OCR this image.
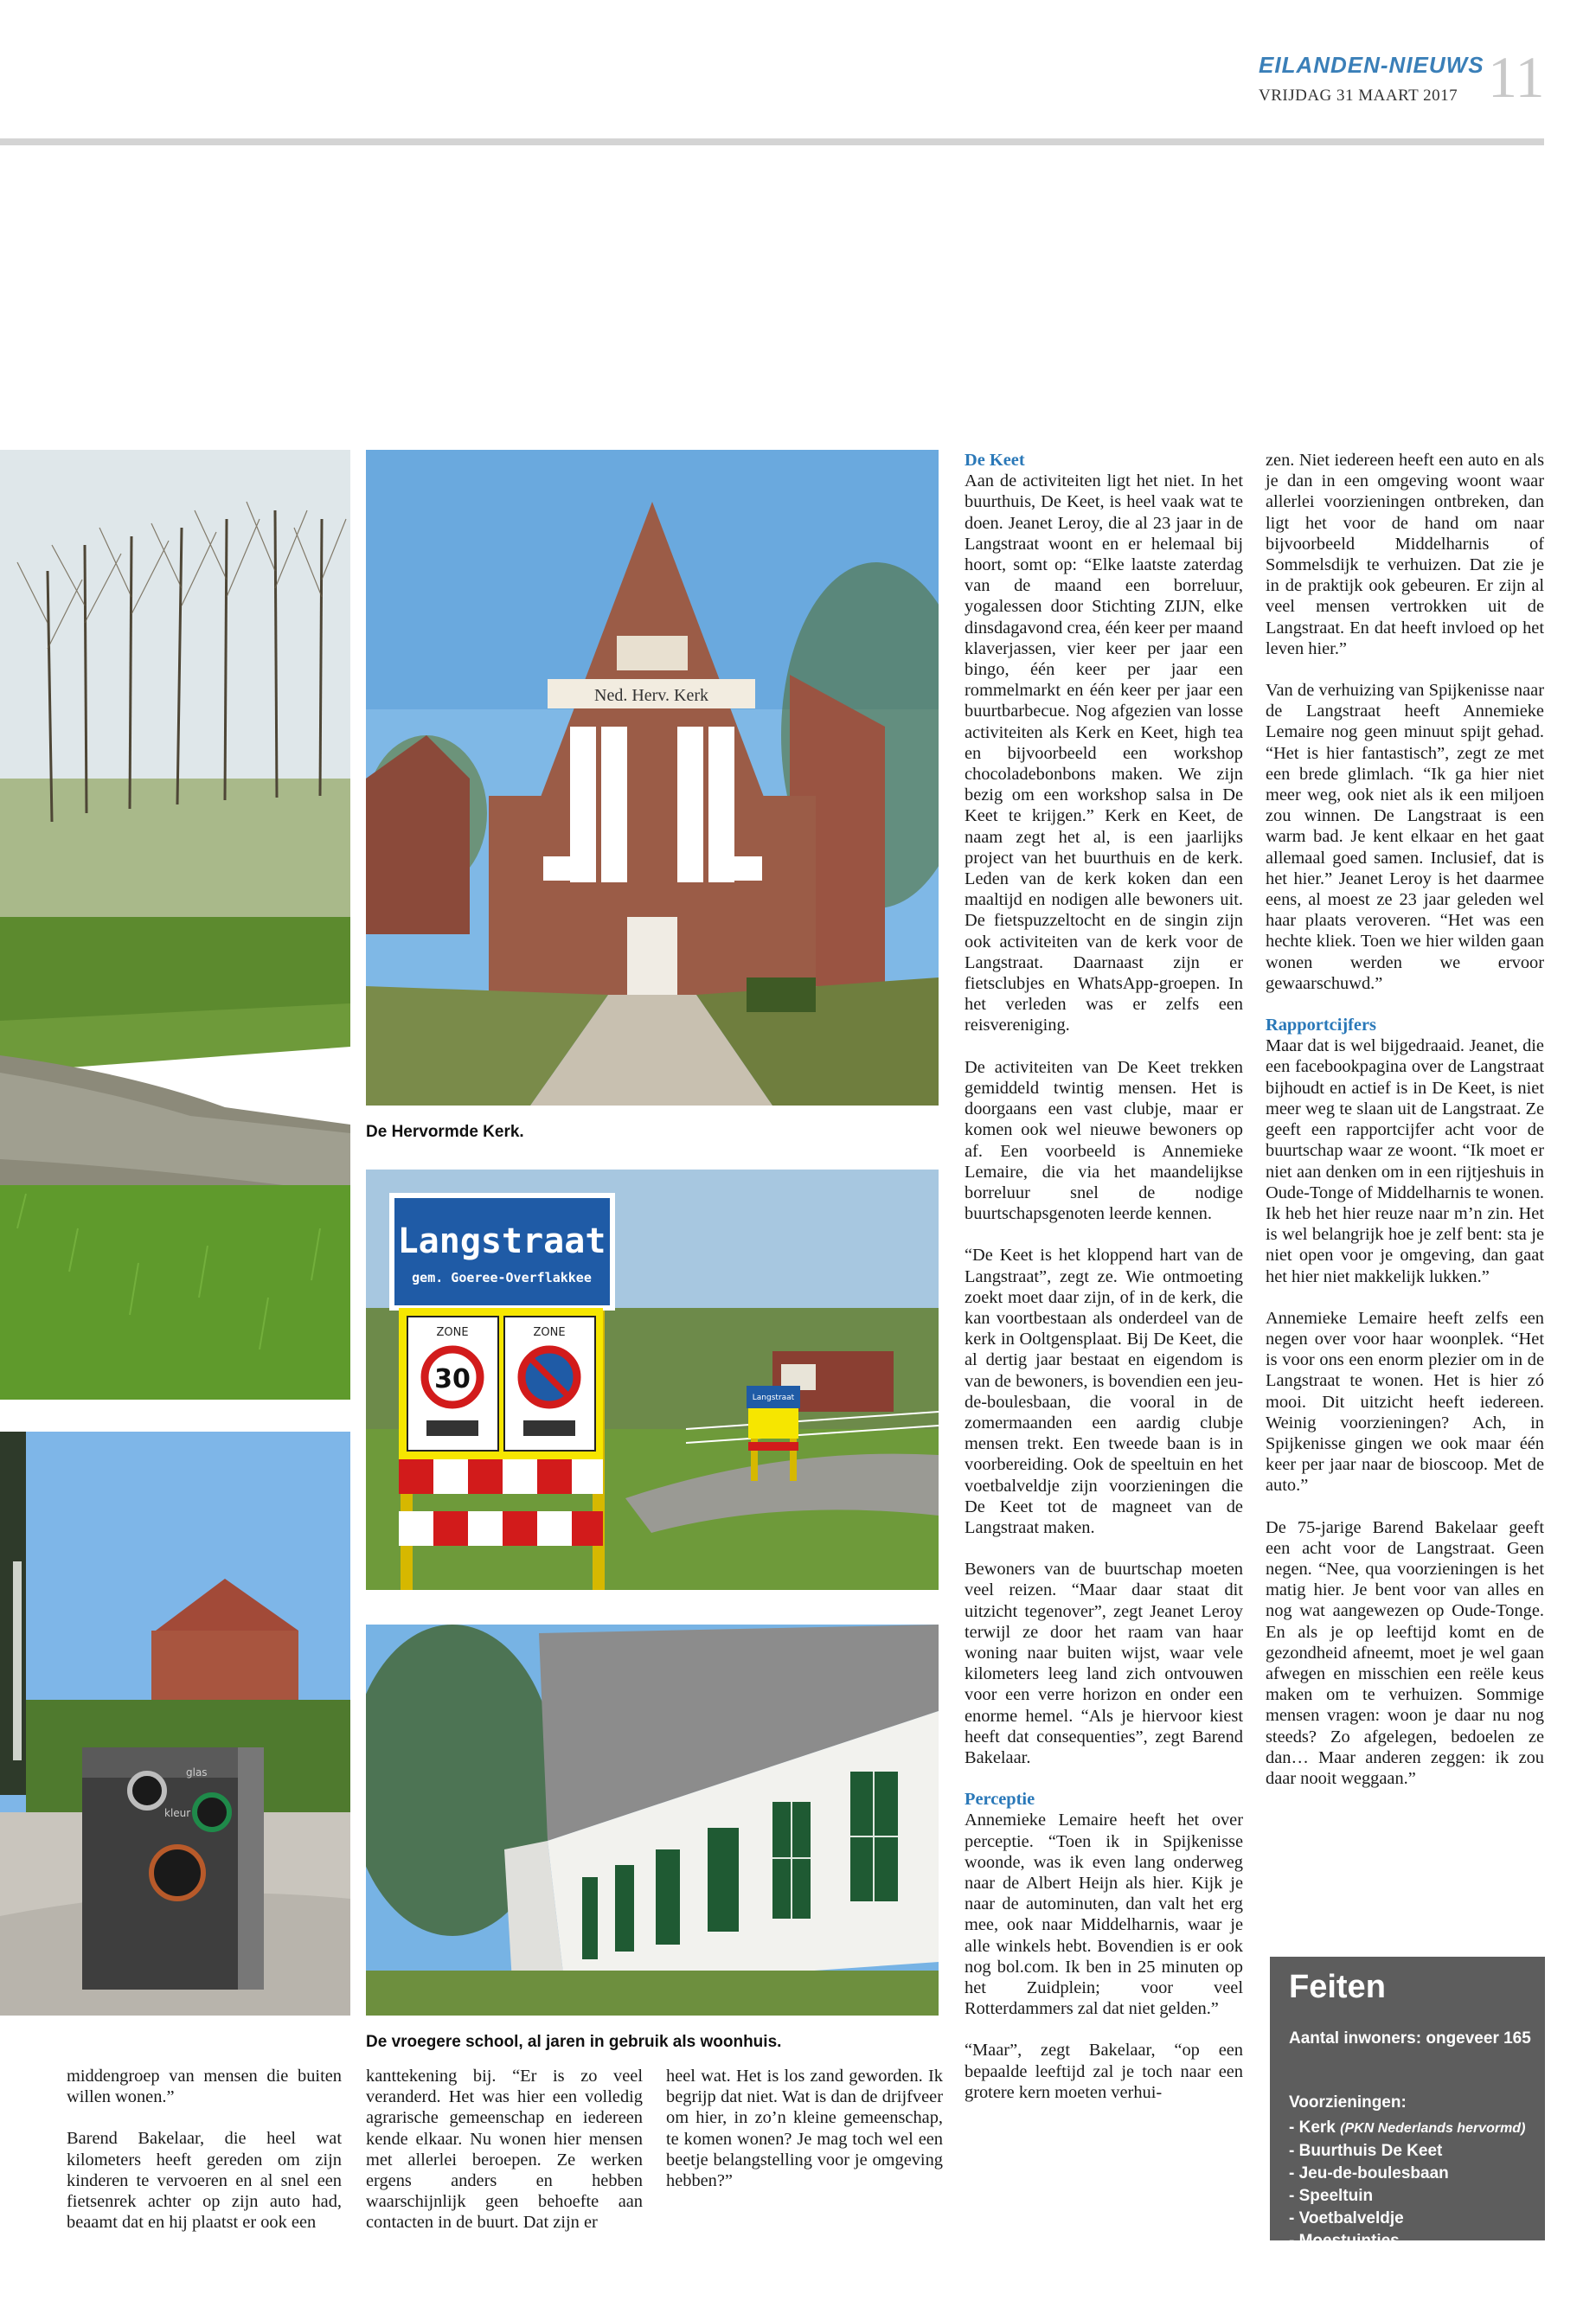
EILANDEN-NIEUWS
VRIJDAG 31 MAART 2017 11
Ned. Herv. Kerk
De Hervormde Kerk.
Langstraat
gem. Goeree-Overflakkee
ZONE	ZONE
30
Langstraat
glas
kleur
De vroegere school, al jaren in gebruik als woonhuis.

middengroep van mensen die buiten willen wonen.”

Barend Bakelaar, die heel wat kilometers heeft gereden om zijn kinderen te vervoeren en al snel een fietsenrek achter op zijn auto had, beaamt dat en hij plaatst er ook een

kanttekening bij. “Er is zo veel veranderd. Het was hier een volledig agrarische gemeenschap en iedereen kende elkaar. Nu wonen hier mensen met allerlei beroepen. Ze werken ergens anders en hebben waarschijnlijk geen behoefte aan contacten in de buurt. Dat zijn er

heel wat. Het is los zand geworden. Ik begrijp dat niet. Wat is dan de drijfveer om hier, in zo’n kleine gemeenschap, te komen wonen? Je mag toch wel een beetje belangstelling voor je omgeving hebben?”

De Keet

Aan de activiteiten ligt het niet. In het buurthuis, De Keet, is heel vaak wat te doen. Jeanet Leroy, die al 23 jaar in de Langstraat woont en er helemaal bij hoort, somt op: “Elke laatste zaterdag van de maand een borreluur, yogalessen door Stichting ZIJN, elke dinsdagavond crea, één keer per maand klaverjassen, vier keer per jaar een bingo, één keer per jaar een rommelmarkt en één keer per jaar een buurtbarbecue. Nog afgezien van losse activiteiten als Kerk en Keet, high tea en bijvoorbeeld een workshop chocoladebonbons maken. We zijn bezig om een workshop salsa in De Keet te krijgen.” Kerk en Keet, de naam zegt het al, is een jaarlijks project van het buurthuis en de kerk. Leden van de kerk koken dan een maaltijd en nodigen alle bewoners uit. De fietspuzzeltocht en de singin zijn ook activiteiten van de kerk voor de Langstraat. Daarnaast zijn er fietsclubjes en WhatsApp-groepen. In het verleden was er zelfs een reisvereniging.

De activiteiten van De Keet trekken gemiddeld twintig mensen. Het is doorgaans een vast clubje, maar er komen ook wel nieuwe bewoners op af. Een voorbeeld is Annemieke Lemaire, die via het maandelijkse borreluur snel de nodige buurtschapsgenoten leerde kennen.

“De Keet is het kloppend hart van de Langstraat”, zegt ze. Wie ontmoeting zoekt moet daar zijn, of in de kerk, die kan voortbestaan als onderdeel van de kerk in Ooltgensplaat. Bij De Keet, die al dertig jaar bestaat en eigendom is van de bewoners, is bovendien een jeu-de-boulesbaan, die vooral in de zomermaanden een aardig clubje mensen trekt. Een tweede baan is in voorbereiding. Ook de speeltuin en het voetbalveldje zijn voorzieningen die De Keet tot de magneet van de Langstraat maken.

Bewoners van de buurtschap moeten veel reizen. “Maar daar staat dit uitzicht tegenover”, zegt Jeanet Leroy terwijl ze door het raam van haar woning naar buiten wijst, waar vele kilometers leeg land zich ontvouwen voor een verre horizon en onder een enorme hemel. “Als je hiervoor kiest heeft dat consequenties”, zegt Barend Bakelaar.

Perceptie

Annemieke Lemaire heeft het over perceptie. “Toen ik in Spijkenisse woonde, was ik even lang onderweg naar de Albert Heijn als hier. Kijk je naar de autominuten, dan valt het erg mee, ook naar Middelharnis, waar je alle winkels hebt. Bovendien is er ook nog bol.com. Ik ben in 25 minuten op het Zuidplein; voor veel Rotterdammers zal dat niet gelden.”

“Maar”, zegt Bakelaar, “op een bepaalde leeftijd zal je toch naar een grotere kern moeten verhui-

zen. Niet iedereen heeft een auto en als je dan in een omgeving woont waar allerlei voorzieningen ontbreken, dan ligt het voor de hand om naar bijvoorbeeld Middelharnis of Sommelsdijk te verhuizen. Dat zie je in de praktijk ook gebeuren. Er zijn al veel mensen vertrokken uit de Langstraat. En dat heeft invloed op het leven hier.”

Van de verhuizing van Spijkenisse naar de Langstraat heeft Annemieke Lemaire nog geen minuut spijt gehad. “Het is hier fantastisch”, zegt ze met een brede glimlach. “Ik ga hier niet meer weg, ook niet als ik een miljoen zou winnen. De Langstraat is een warm bad. Je kent elkaar en het gaat allemaal goed samen. Inclusief, dat is het hier.” Jeanet Leroy is het daarmee eens, al moest ze 23 jaar geleden wel haar plaats veroveren. “Het was een hechte kliek. Toen we hier wilden gaan wonen werden we ervoor gewaarschuwd.”

Rapportcijfers

Maar dat is wel bijgedraaid. Jeanet, die een facebookpagina over de Langstraat bijhoudt en actief is in De Keet, is niet meer weg te slaan uit de Langstraat. Ze geeft een rapportcijfer acht voor de buurtschap waar ze woont. “Ik moet er niet aan denken om in een rijtjeshuis in Oude-Tonge of Middelharnis te wonen. Ik heb het hier reuze naar m’n zin. Het is wel belangrijk hoe je zelf bent: sta je niet open voor je omgeving, dan gaat het hier niet makkelijk lukken.”

Annemieke Lemaire heeft zelfs een negen over voor haar woonplek. “Het is voor ons een enorm plezier om in de Langstraat te wonen. Het is hier zó mooi. Dit uitzicht heeft iedereen. Weinig voorzieningen? Ach, in Spijkenisse gingen we ook maar één keer per jaar naar de bioscoop. Met de auto.”

De 75-jarige Barend Bakelaar geeft een acht voor de Langstraat. Geen negen. “Nee, qua voorzieningen is het matig hier. Je bent voor van alles en nog wat aangewezen op Oude-Tonge. En als je op leeftijd komt en de gezondheid afneemt, moet je wel gaan afwegen en misschien een reële keus maken om te verhuizen. Sommige mensen vragen: woon je daar nu nog steeds? Zo afgelegen, bedoelen ze dan… Maar anderen zeggen: ik zou daar nooit weggaan.”

Feiten
Aantal inwoners: ongeveer 165
Voorzieningen:
- Kerk (PKN Nederlands hervormd)
- Buurthuis De Keet
- Jeu-de-boulesbaan
- Speeltuin
- Voetbalveldje
- Moestuintjes
